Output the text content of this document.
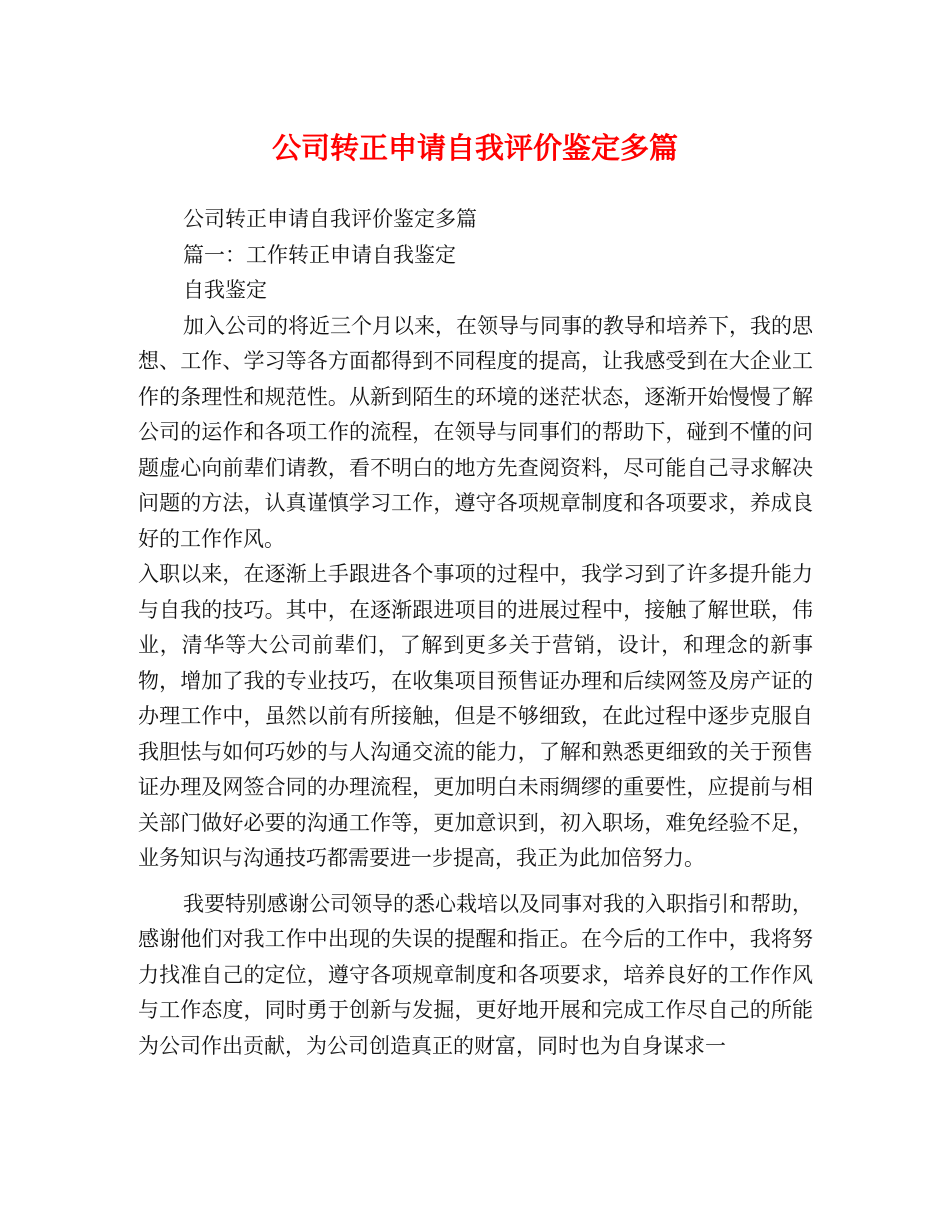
公司转正申请自我评价鉴定多篇

公司转正申请自我评价鉴定多篇

篇一：工作转正申请自我鉴定

自我鉴定

加入公司的将近三个月以来，在领导与同事的教导和培养下，我的思想、工作、学习等各方面都得到不同程度的提高，让我感受到在大企业工作的条理性和规范性。从新到陌生的环境的迷茫状态，逐渐开始慢慢了解公司的运作和各项工作的流程，在领导与同事们的帮助下，碰到不懂的问题虚心向前辈们请教，看不明白的地方先查阅资料，尽可能自己寻求解决问题的方法，认真谨慎学习工作，遵守各项规章制度和各项要求，养成良好的工作作风。

入职以来，在逐渐上手跟进各个事项的过程中，我学习到了许多提升能力与自我的技巧。其中，在逐渐跟进项目的进展过程中，接触了解世联，伟业，清华等大公司前辈们，了解到更多关于营销，设计，和理念的新事物，增加了我的专业技巧，在收集项目预售证办理和后续网签及房产证的办理工作中，虽然以前有所接触，但是不够细致，在此过程中逐步克服自我胆怯与如何巧妙的与人沟通交流的能力，了解和熟悉更细致的关于预售证办理及网签合同的办理流程，更加明白未雨绸缪的重要性，应提前与相关部门做好必要的沟通工作等，更加意识到，初入职场，难免经验不足，业务知识与沟通技巧都需要进一步提高，我正为此加倍努力。

我要特别感谢公司领导的悉心栽培以及同事对我的入职指引和帮助，感谢他们对我工作中出现的失误的提醒和指正。在今后的工作中，我将努力找准自己的定位，遵守各项规章制度和各项要求，培养良好的工作作风与工作态度，同时勇于创新与发掘，更好地开展和完成工作尽自己的所能为公司作出贡献，为公司创造真正的财富，同时也为自身谋求一
